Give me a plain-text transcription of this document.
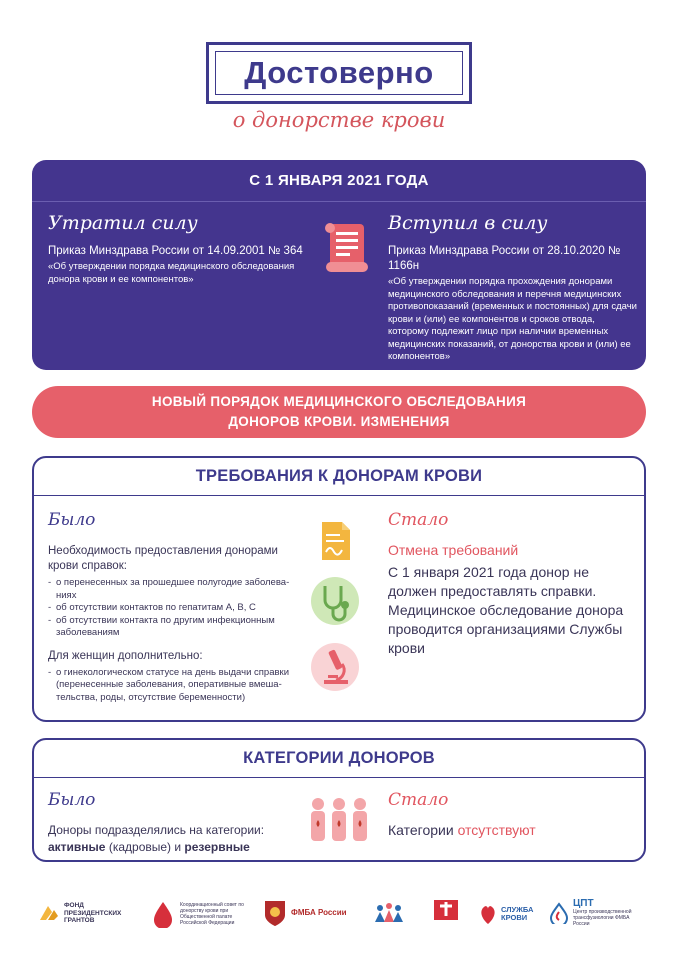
Достоверно
о донорстве крови
С 1 ЯНВАРЯ 2021 ГОДА
Утратил силу
Приказ Минздрава России от 14.09.2001 № 364
«Об утверждении порядка медицинского обследования донора крови и ее компонентов»
Вступил в силу
Приказ Минздрава России от 28.10.2020 № 1166н
«Об утверждении порядка прохождения донорами медицинского обследования и перечня медицинских противопоказаний (временных и постоянных) для сдачи крови и (или) ее компонентов и сроков отвода, которому подлежит лицо при наличии временных медицинских показаний, от донорства крови и (или) ее компонентов»
НОВЫЙ ПОРЯДОК МЕДИЦИНСКОГО ОБСЛЕДОВАНИЯ
ДОНОРОВ КРОВИ. ИЗМЕНЕНИЯ
ТРЕБОВАНИЯ К ДОНОРАМ КРОВИ
Было
Необходимость предоставления донорами крови справок:
- о перенесенных за прошедшее полугодие заболева-ниях
- об отсутствии контактов по гепатитам А, В, С
- об отсутствии контакта по другим инфекционным заболеваниям
Для женщин дополнительно:
- о гинекологическом статусе на день выдачи справки (перенесенные заболевания, оперативные вмеша-тельства, роды, отсутствие беременности)
Стало
Отмена требований
С 1 января 2021 года донор не должен предоставлять справки. Медицинское обследование донора проводится организациями Службы крови
КАТЕГОРИИ ДОНОРОВ
Было
Доноры подразделялись на категории:
активные (кадровые) и резервные
Стало
Категории отсутствуют
ФОНД ПРЕЗИДЕНТСКИХ ГРАНТОВ
Координационный совет по донорству крови при Общественной палате Российской Федерации
ФМБА России	СЛУЖБА КРОВИ
ЦПТ
Центр производственной трансфузиологии ФМБА России
